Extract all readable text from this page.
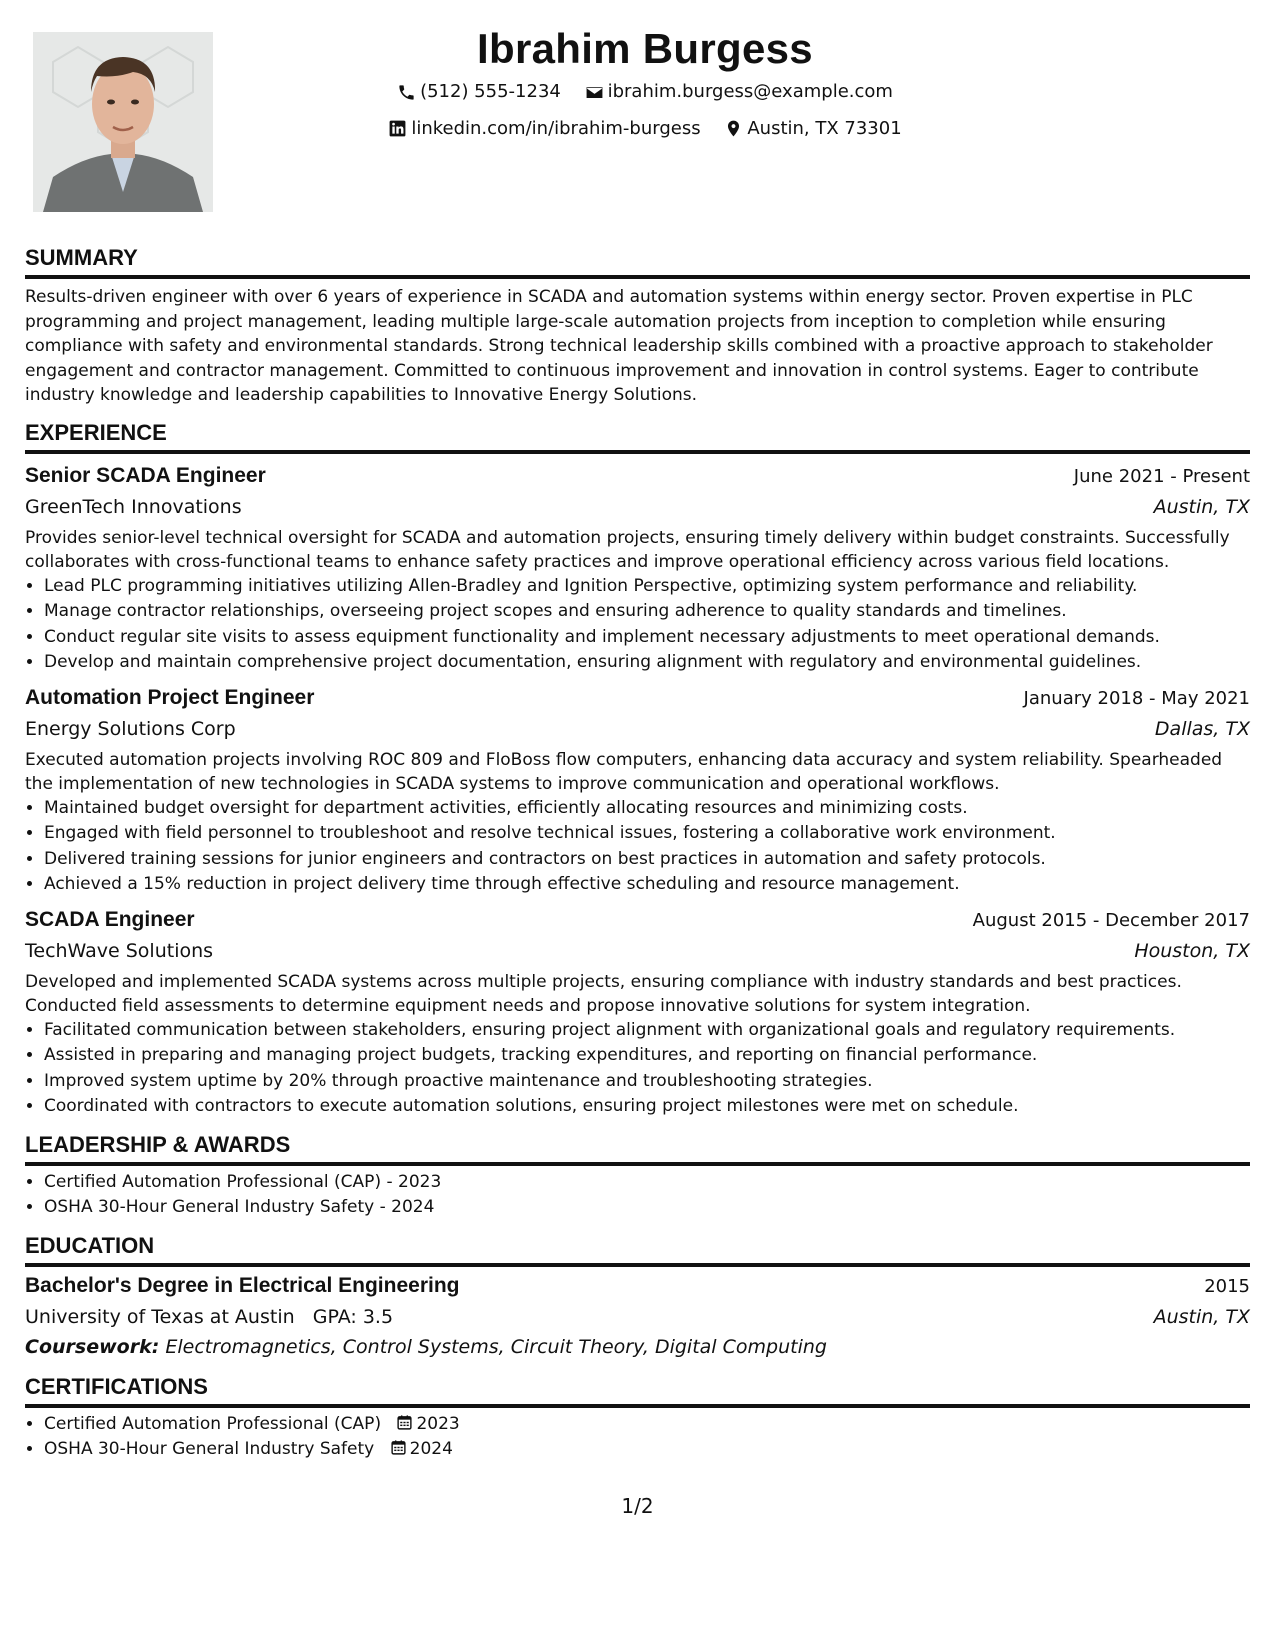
Ibrahim Burgess
(512) 555-1234
	ibrahim.burgess@example.com
linkedin.com/in/ibrahim-burgess
	Austin, TX 73301
SUMMARY

Results-driven engineer with over 6 years of experience in SCADA and automation systems within energy sector. Proven expertise in PLC programming and project management, leading multiple large-scale automation projects from inception to completion while ensuring compliance with safety and environmental standards. Strong technical leadership skills combined with a proactive approach to stakeholder engagement and contractor management. Committed to continuous improvement and innovation in control systems. Eager to contribute industry knowledge and leadership capabilities to Innovative Energy Solutions.

EXPERIENCE
Senior SCADA Engineer	June 2021 - Present
GreenTech Innovations	Austin, TX

Provides senior-level technical oversight for SCADA and automation projects, ensuring timely delivery within budget constraints. Successfully collaborates with cross-functional teams to enhance safety practices and improve operational efficiency across various field locations.

• Lead PLC programming initiatives utilizing Allen-Bradley and Ignition Perspective, optimizing system performance and reliability.
• Manage contractor relationships, overseeing project scopes and ensuring adherence to quality standards and timelines.
• Conduct regular site visits to assess equipment functionality and implement necessary adjustments to meet operational demands.
• Develop and maintain comprehensive project documentation, ensuring alignment with regulatory and environmental guidelines.
Automation Project Engineer	January 2018 - May 2021
Energy Solutions Corp	Dallas, TX

Executed automation projects involving ROC 809 and FloBoss flow computers, enhancing data accuracy and system reliability. Spearheaded the implementation of new technologies in SCADA systems to improve communication and operational workflows.

• Maintained budget oversight for department activities, efficiently allocating resources and minimizing costs.
• Engaged with field personnel to troubleshoot and resolve technical issues, fostering a collaborative work environment.
• Delivered training sessions for junior engineers and contractors on best practices in automation and safety protocols.
• Achieved a 15% reduction in project delivery time through effective scheduling and resource management.
SCADA Engineer	August 2015 - December 2017
TechWave Solutions	Houston, TX

Developed and implemented SCADA systems across multiple projects, ensuring compliance with industry standards and best practices. Conducted field assessments to determine equipment needs and propose innovative solutions for system integration.

• Facilitated communication between stakeholders, ensuring project alignment with organizational goals and regulatory requirements.
• Assisted in preparing and managing project budgets, tracking expenditures, and reporting on financial performance.
• Improved system uptime by 20% through proactive maintenance and troubleshooting strategies.
• Coordinated with contractors to execute automation solutions, ensuring project milestones were met on schedule.
LEADERSHIP & AWARDS
• Certified Automation Professional (CAP) - 2023
• OSHA 30-Hour General Industry Safety - 2024
EDUCATION
Bachelor's Degree in Electrical Engineering	2015
University of Texas at Austin GPA: 3.5	Austin, TX
Coursework: Electromagnetics, Control Systems, Circuit Theory, Digital Computing
CERTIFICATIONS
• Certified Automation Professional (CAP) 2023
• OSHA 30-Hour General Industry Safety 2024
1/2
